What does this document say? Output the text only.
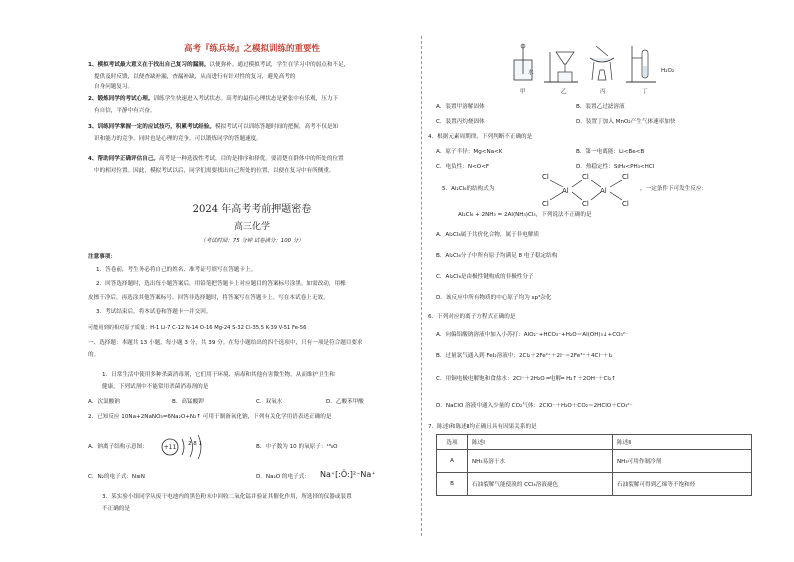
高考『练兵场』之模拟训练的重要性
1、模拟考试最大意义在于找出自己复习的漏洞。以便弥补。通过模拟考试，学生在学习中的弱点和不足，
提供及时反馈，以便查缺补漏，查漏补缺，从而进行有针对性的复习，避免高考的
自身问题复习。
2、锻炼同学的考试心理。训练学生快速进入考试状态。高考的最佳心理状态是紧张中有乐观，压力下
有自信，平静中有兴奋。
3、训练同学掌握一定的应试技巧，积累考试经验。模拟考试可以训练答题时间的把握，高考不仅是知
识和能力的竞争，同时也是心理的竞争，可以锻炼同学的答题速度。
4、帮助同学正确评估自己。高考是一种选拔性考试，目的是排序和择优。要清楚在群体中的所处的位置
中的相对位置。因此，模拟考试以后，同学们需要找出自己所处的位置，以便在复习中有所侧重。
2024 年高考考前押题密卷
高三化学
（考试时间：75 分钟 试卷满分：100 分）
注意事项：
1．答卷前，考生务必将自己的姓名、准考证号填写在答题卡上。
2．回答选择题时，选出每小题答案后，用铅笔把答题卡上对应题目的答案标号涂黑。如需改动，用橡
皮擦干净后，再选涂其他答案标号。回答非选择题时，将答案写在答题卡上。写在本试卷上无效。
3．考试结束后，将本试卷和答题卡一并交回。
可能用到的相对原子质量：H-1 Li-7 C-12 N-14 O-16 Mg-24 S-32 Cl-35.5 K-39 V-51 Fe-56
一、选择题：本题共 13 小题，每小题 3 分，共 39 分。在每小题给出的四个选项中，只有一项是符合题目要求
的。
1．日常生活中使用多种杀菌消毒剂，它们用于环境、病毒和其他有害微生物，从而维护卫生和
健康。下列试剂中不能常用杀菌消毒剂的是
A．次氯酸钠	B．高锰酸钾	C．双氧水	D．乙酸苯甲酸
2．已知反应 10Na+2NaNO₃=6Na₂O+N₂↑ 可用于制备氧化钠，下列有关化学用语表述正确的是
A．钠离子结构示意图：	+11 2 8 1	B．中子数为 10 的氧原子：¹⁸₈O
C．N₂的电子式：N≡N	D．Na₂O 的电子式： Na⁺[:Ö:]²⁻Na⁺
3．某实验小组同学从废干电池内的黑色粉末中回收二氧化锰并验证其催化作用，所选择的仪器或装置
不正确的是
水	H₂O₂
甲	乙	丙	丁
A．装置甲溶解固体	B．装置乙过滤溶液
C．装置丙灼烧固体	D．装置丁加入 MnO₂产生气体速率加快
4．根据元素周期律，下列判断不正确的是
A．原子半径：Mg<Na<K	B．第一电离能：Li<Be<B
C．电负性：N<O<F	D．热稳定性：SiH₄<PH₃<HCl
5．Al₂Cl₆的结构式为
Cl
Cl
Al
Cl
Cl
Al
Cl
Cl
，一定条件下可发生反应：
Al₂Cl₆ + 2NH₃ = 2Al(NH₃)Cl₃，下列说法不正确的是
A．Al₂Cl₆属于共价化合物，属于非电解质
B．Al₂Cl₆分子中所有原子均满足 8 电子稳定结构
C．Al₂Cl₆是由极性键构成的非极性分子
D．该反应中所有物质的中心原子均为 sp³杂化
6．下列对应的离子方程式正确的是
A．向偏铝酸钠溶液中加入小苏打：AlO₂⁻+HCO₃⁻+H₂O＝Al(OH)₃↓+CO₃²⁻
B．过量氯气通入到 FeI₂溶液中：2Cl₂＋2Fe²⁺＋2I⁻＝2Fe³⁺＋4Cl⁻＋I₂
C．用铜电极电解饱和食盐水：2Cl⁻＋2H₂O ═电解═ H₂↑＋2OH⁻＋Cl₂↑
D．NaClO 溶液中通入少量的 CO₂气体：2ClO⁻＋H₂O＋CO₂＝2HClO＋CO₃²⁻
7．陈述Ⅰ和陈述Ⅱ均正确且具有因果关系的是
选项	陈述Ⅰ	陈述Ⅱ
A	NH₃易溶于水	NH₃可用作制冷剂
B	石油裂解气能使溴的 CCl₄溶液褪色	石油裂解可得到乙烯等不饱和烃
